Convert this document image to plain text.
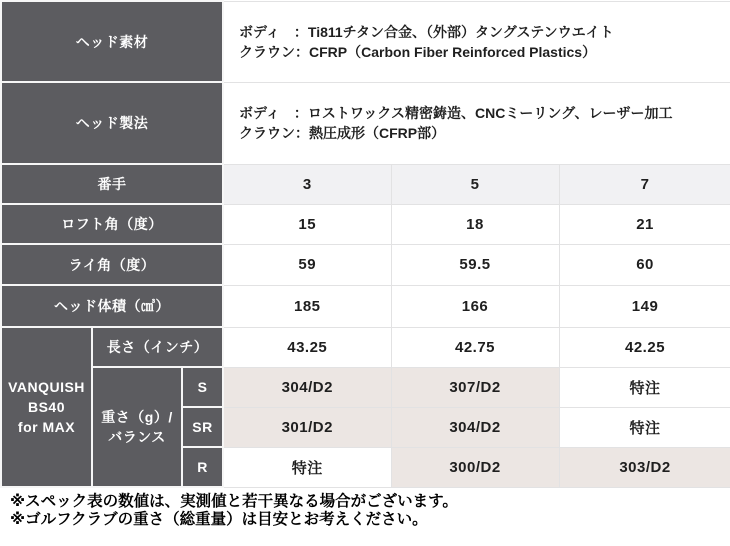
ヘッド素材			ボディ　：Ti811チタン合金、（外部）タングステンウエイト
クラウン：CFRP（Carbon Fiber Reinforced Plastics）		

ヘッド製法			ボディ　：ロストワックス精密鋳造、CNCミーリング、レーザー加工
クラウン：熱圧成形（CFRP部）		

番手			3	5	7
ロフト角（度）			15	18	21
ライ角（度）			59	59.5	60
ヘッド体積（㎤）			185	166	149

VANQUISH
BS40
for MAX	長さ（インチ）		43.25	42.75	42.25

	重さ（g）/
バランス	S	304/D2	307/D2	特注
		SR	301/D2	304/D2	特注
		R	特注	300/D2	303/D2
※スペック表の数値は、実測値と若干異なる場合がございます。
※ゴルフクラブの重さ（総重量）は目安とお考えください。
